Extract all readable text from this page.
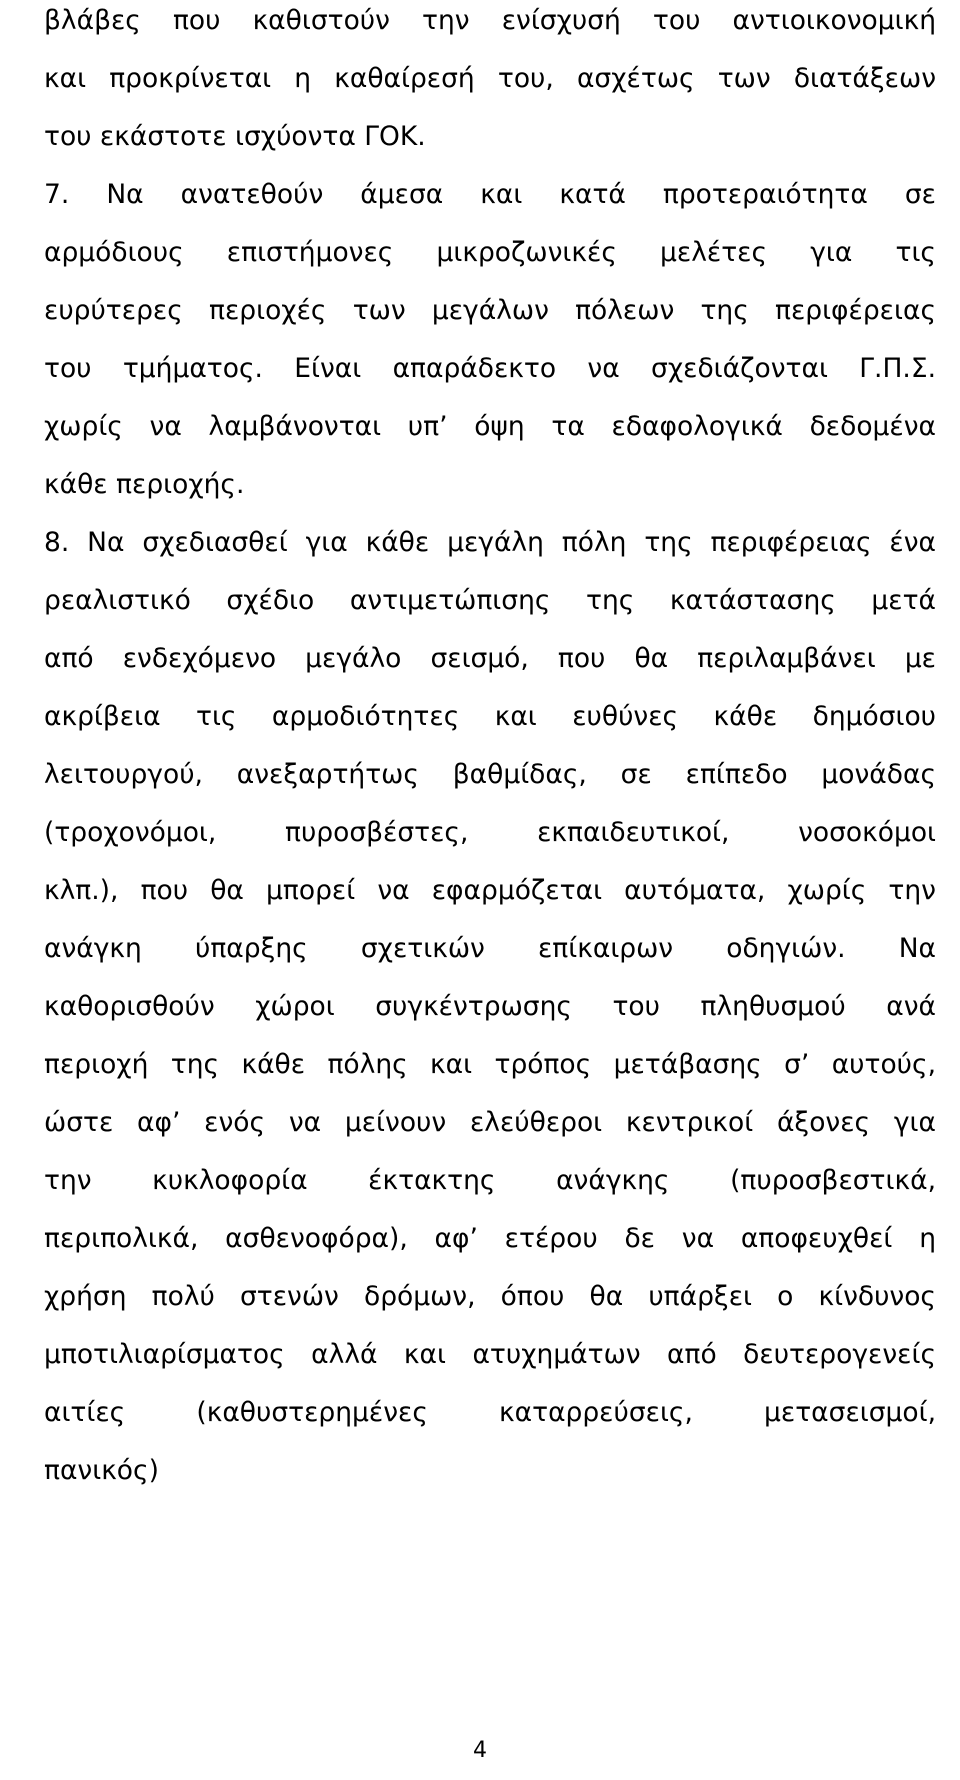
βλάβες που καθιστούν την ενίσχυσή του αντιοικονομική
και προκρίνεται η καθαίρεσή του, ασχέτως των διατάξεων
του εκάστοτε ισχύοντα ΓΟΚ.
7. Να ανατεθούν άμεσα και κατά προτεραιότητα σε
αρμόδιους επιστήμονες μικροζωνικές μελέτες για τις
ευρύτερες περιοχές των μεγάλων πόλεων της περιφέρειας
του τμήματος. Είναι απαράδεκτο να σχεδιάζονται Γ.Π.Σ.
χωρίς να λαμβάνονται υπ’ όψη τα εδαφολογικά δεδομένα
κάθε περιοχής.
8. Να σχεδιασθεί για κάθε μεγάλη πόλη της περιφέρειας ένα
ρεαλιστικό σχέδιο αντιμετώπισης της κατάστασης μετά
από ενδεχόμενο μεγάλο σεισμό, που θα περιλαμβάνει με
ακρίβεια τις αρμοδιότητες και ευθύνες κάθε δημόσιου
λειτουργού, ανεξαρτήτως βαθμίδας, σε επίπεδο μονάδας
(τροχονόμοι, πυροσβέστες, εκπαιδευτικοί, νοσοκόμοι
κλπ.), που θα μπορεί να εφαρμόζεται αυτόματα, χωρίς την
ανάγκη ύπαρξης σχετικών επίκαιρων οδηγιών. Να
καθορισθούν χώροι συγκέντρωσης του πληθυσμού ανά
περιοχή της κάθε πόλης και τρόπος μετάβασης σ’ αυτούς,
ώστε αφ’ ενός να μείνουν ελεύθεροι κεντρικοί άξονες για
την κυκλοφορία έκτακτης ανάγκης (πυροσβεστικά,
περιπολικά, ασθενοφόρα), αφ’ ετέρου δε να αποφευχθεί η
χρήση πολύ στενών δρόμων, όπου θα υπάρξει ο κίνδυνος
μποτιλιαρίσματος αλλά και ατυχημάτων από δευτερογενείς
αιτίες (καθυστερημένες καταρρεύσεις, μετασεισμοί,
πανικός)
4
